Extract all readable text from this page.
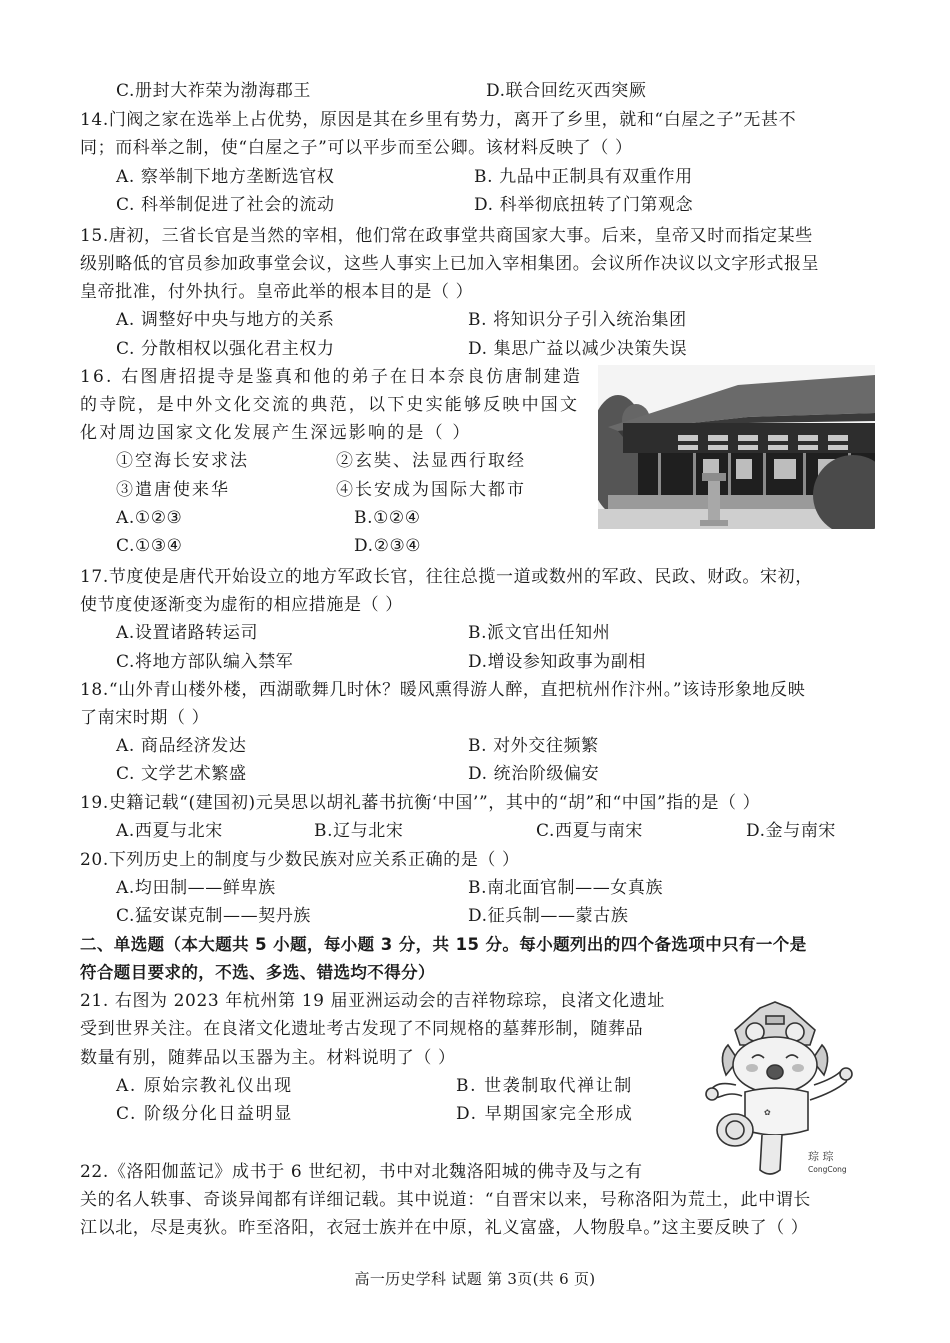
C.册封大祚荣为渤海郡王	D.联合回纥灭西突厥
14.门阀之家在选举上占优势，原因是其在乡里有势力，离开了乡里，就和“白屋之子”无甚不
同；而科举之制，使“白屋之子”可以平步而至公卿。该材料反映了（ ）
A. 察举制下地方垄断选官权	B. 九品中正制具有双重作用
C. 科举制促进了社会的流动	D. 科举彻底扭转了门第观念
15.唐初，三省长官是当然的宰相，他们常在政事堂共商国家大事。后来，皇帝又时而指定某些
级别略低的官员参加政事堂会议，这些人事实上已加入宰相集团。会议所作决议以文字形式报呈
皇帝批准，付外执行。皇帝此举的根本目的是（ ）
A. 调整好中央与地方的关系	B. 将知识分子引入统治集团
C. 分散相权以强化君主权力	D. 集思广益以减少决策失误
16. 右图唐招提寺是鉴真和他的弟子在日本奈良仿唐制建造
的寺院，是中外文化交流的典范，以下史实能够反映中国文
化对周边国家文化发展产生深远影响的是（ ）
①空海长安求法	②玄奘、法显西行取经
③遣唐使来华	④长安成为国际大都市
A.①②③	B.①②④
C.①③④	D.②③④
17.节度使是唐代开始设立的地方军政长官，往往总揽一道或数州的军政、民政、财政。宋初，
使节度使逐渐变为虚衔的相应措施是（ ）
A.设置诸路转运司	B.派文官出任知州
C.将地方部队编入禁军	D.增设参知政事为副相
18.“山外青山楼外楼，西湖歌舞几时休？暖风熏得游人醉，直把杭州作汴州。”该诗形象地反映
了南宋时期（ ）
A. 商品经济发达	B. 对外交往频繁
C. 文学艺术繁盛	D. 统治阶级偏安
19.史籍记载“(建国初)元昊思以胡礼蕃书抗衡‘中国’”，其中的“胡”和“中国”指的是（ ）
A.西夏与北宋	B.辽与北宋	C.西夏与南宋	D.金与南宋
20.下列历史上的制度与少数民族对应关系正确的是（ ）
A.均田制——鲜卑族	B.南北面官制——女真族
C.猛安谋克制——契丹族	D.征兵制——蒙古族
二、单选题（本大题共 5 小题，每小题 3 分，共 15 分。每小题列出的四个备选项中只有一个是
符合题目要求的，不选、多选、错选均不得分）
21. 右图为 2023 年杭州第 19 届亚洲运动会的吉祥物琮琮，良渚文化遗址
受到世界关注。在良渚文化遗址考古发现了不同规格的墓葬形制，随葬品
数量有别，随葬品以玉器为主。材料说明了（ ）
A. 原始宗教礼仪出现	B. 世袭制取代禅让制
C. 阶级分化日益明显	D. 早期国家完全形成	✿
琮 琮
CongCong
22.《洛阳伽蓝记》成书于 6 世纪初，书中对北魏洛阳城的佛寺及与之有
关的名人轶事、奇谈异闻都有详细记载。其中说道：“自晋宋以来，号称洛阳为荒土，此中谓长
江以北，尽是夷狄。昨至洛阳，衣冠士族并在中原，礼义富盛，人物殷阜。”这主要反映了（ ）
高一历史学科 试题 第 3页(共 6 页)
